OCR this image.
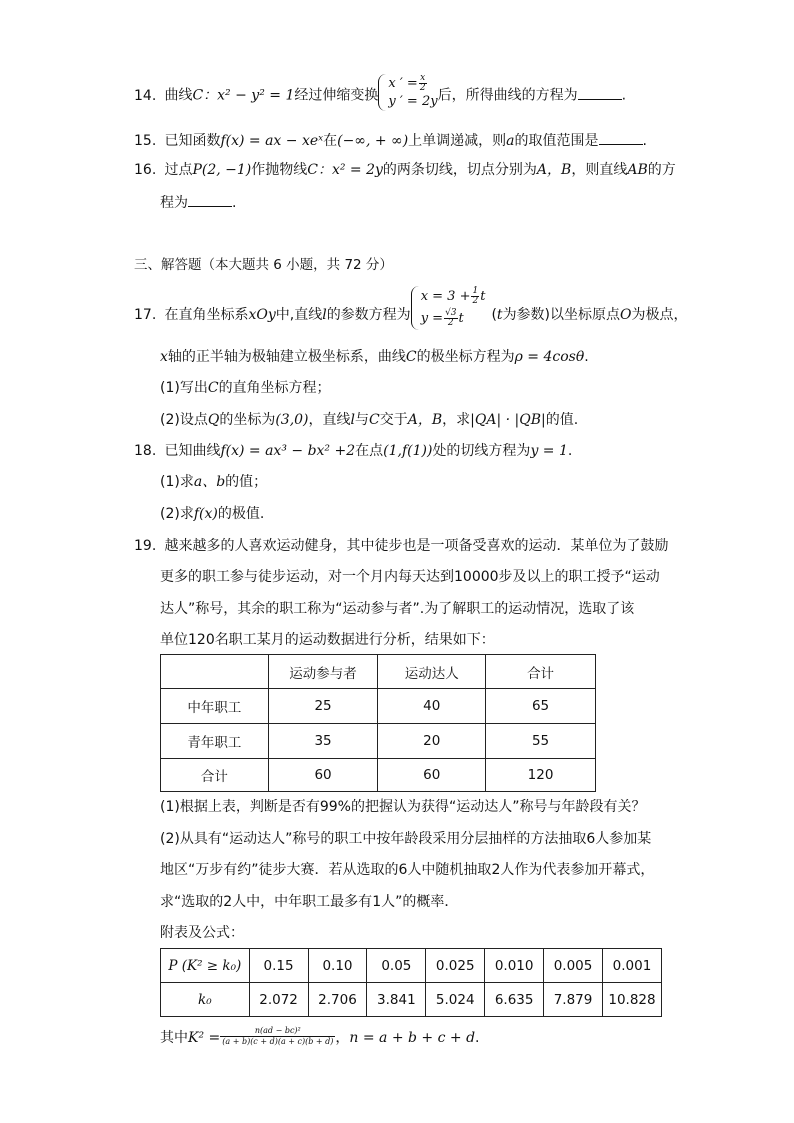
14. 曲线C：x² − y² = 1经过伸缩变换
x ′ = $\frac{x}{2}$
y ′ = 2y 后，所得曲线的方程为	.
15. 已知函数f(x) = ax − xeˣ在(−∞, + ∞)上单调递减，则a的取值范围是	.
16. 过点P(2, −1)作抛物线C：x² = 2y的两条切线，切点分别为A，B，则直线AB的方
程为	.
三、解答题（本大题共 6 小题，共 72 分）
17. 在直角坐标系xOy中,直线l的参数方程为
$x = 3 + \frac{1}{2}$ t
$y = \frac{√3}{2}$ t	(t为参数)以坐标原点O为极点，
x轴的正半轴为极轴建立极坐标系，曲线C的极坐标方程为ρ = 4cosθ.
(1)写出C的直角坐标方程；
(2)设点Q的坐标为(3,0)，直线l与C交于A，B，求|QA| · |QB|的值.
18. 已知曲线f(x) = ax³ − bx² +2在点(1,f(1))处的切线方程为y = 1.
(1)求a、b的值；
(2)求f(x)的极值.
19. 越来越多的人喜欢运动健身，其中徒步也是一项备受喜欢的运动．某单位为了鼓励
更多的职工参与徒步运动，对一个月内每天达到10000步及以上的职工授予“运动
达人”称号，其余的职工称为“运动参与者”.为了解职工的运动情况，选取了该
单位120名职工某月的运动数据进行分析，结果如下：
	运动参与者	运动达人	合计
中年职工	25	40	65
青年职工	35	20	55
合计	60	60	120
(1)根据上表，判断是否有99%的把握认为获得“运动达人”称号与年龄段有关？
(2)从具有“运动达人”称号的职工中按年龄段采用分层抽样的方法抽取6人参加某
地区“万步有约”徒步大赛．若从选取的6人中随机抽取2人作为代表参加开幕式，
求“选取的2人中，中年职工最多有1人”的概率．
附表及公式：
P (K² ≥ k₀)	0.15	0.10	0.05	0.025	0.010	0.005	0.001
k₀	2.072	2.706	3.841	5.024	6.635	7.879	10.828
其中$K^2 = \frac{\text{n(ad − bc)²}}{(a + b)(c + d)(a + c)(b + d)}$ ，n = a + b + c + d.
